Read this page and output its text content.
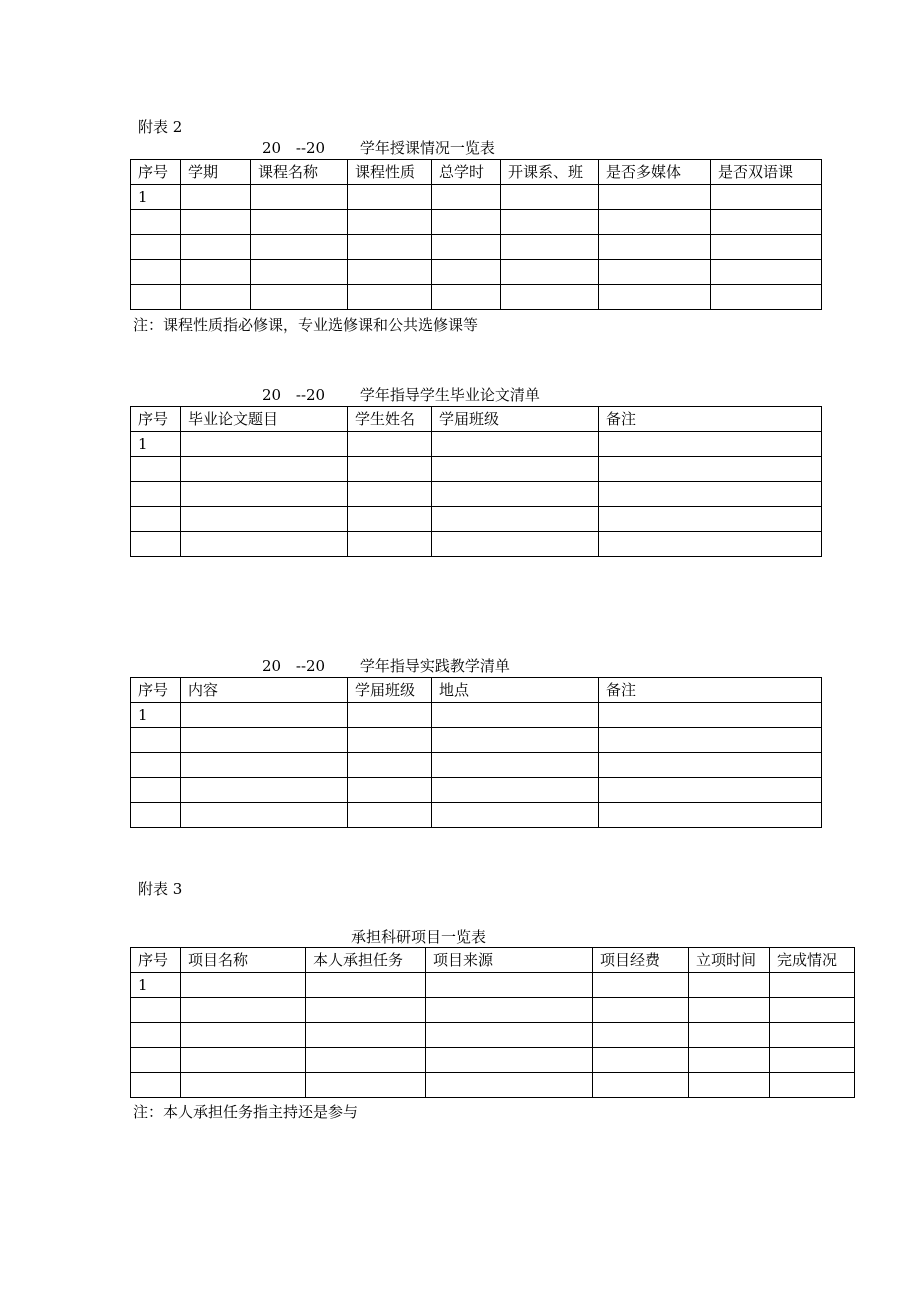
附表 2
20 --20 学年授课情况一览表
序号	学期	课程名称	课程性质	总学时	开课系、班	是否多媒体	是否双语课
1							

注：课程性质指必修课，专业选修课和公共选修课等
20 --20 学年指导学生毕业论文清单
序号	毕业论文题目	学生姓名	学届班级	备注
1				

20 --20 学年指导实践教学清单
序号	内容	学届班级	地点	备注
1				

附表 3
承担科研项目一览表
序号	项目名称	本人承担任务	项目来源	项目经费	立项时间	完成情况
1						

注：本人承担任务指主持还是参与
